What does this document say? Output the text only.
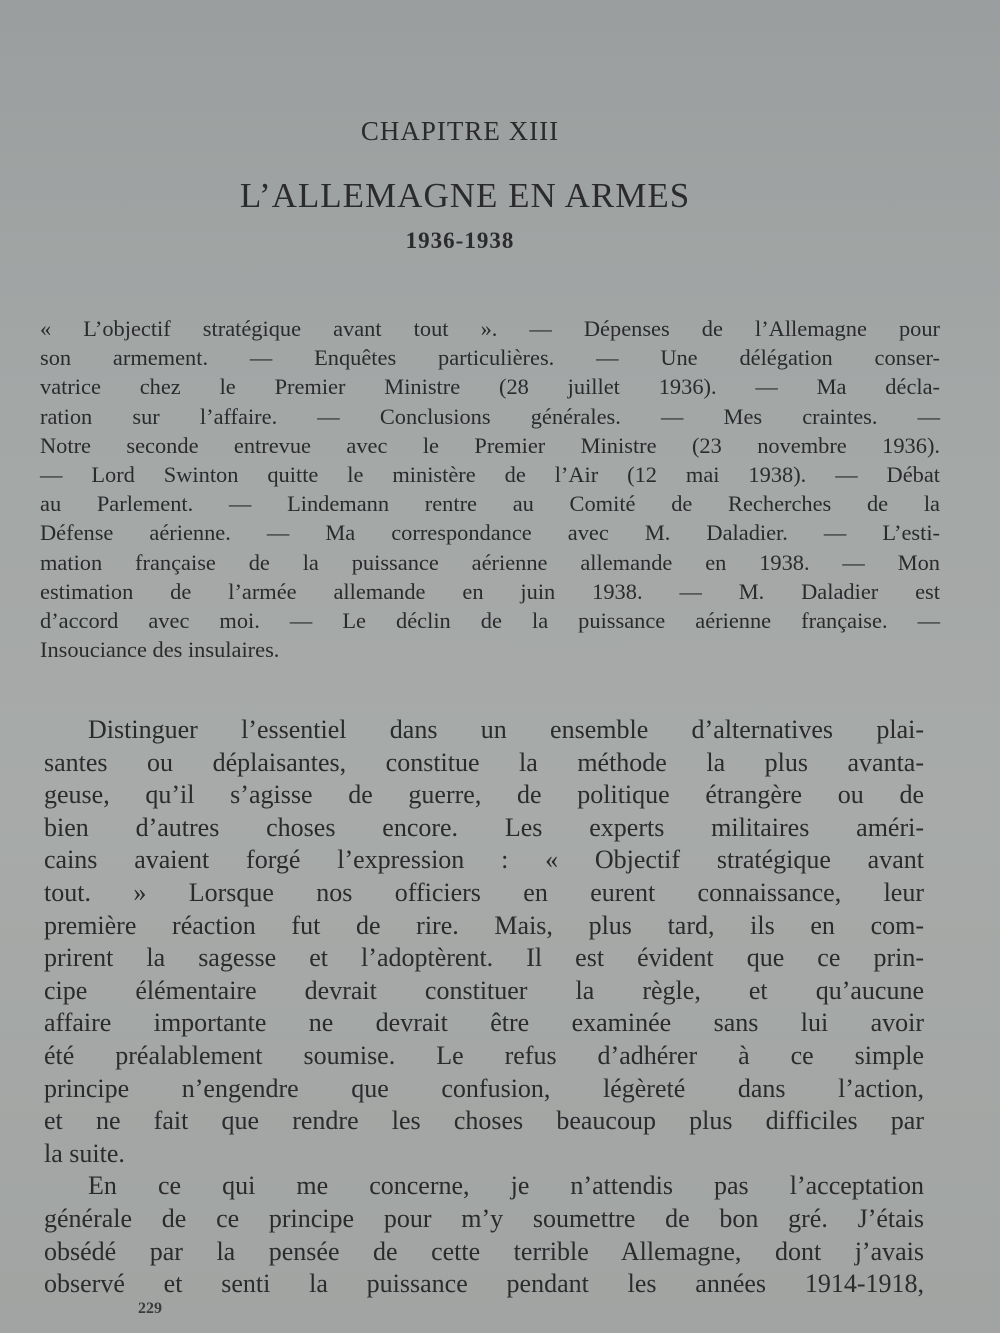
CHAPITRE XIII
L’ALLEMAGNE EN ARMES
1936-1938
« L’objectif stratégique avant tout ». — Dépenses de l’Allemagne pour
son armement. — Enquêtes particulières. — Une délégation conser-
vatrice chez le Premier Ministre (28 juillet 1936). — Ma décla-
ration sur l’affaire. — Conclusions générales. — Mes craintes. —
Notre seconde entrevue avec le Premier Ministre (23 novembre 1936).
— Lord Swinton quitte le ministère de l’Air (12 mai 1938). — Débat
au Parlement. — Lindemann rentre au Comité de Recherches de la
Défense aérienne. — Ma correspondance avec M. Daladier. — L’esti-
mation française de la puissance aérienne allemande en 1938. — Mon
estimation de l’armée allemande en juin 1938. — M. Daladier est
d’accord avec moi. — Le déclin de la puissance aérienne française. —
Insouciance des insulaires.
Distinguer l’essentiel dans un ensemble d’alternatives plai-
santes ou déplaisantes, constitue la méthode la plus avanta-
geuse, qu’il s’agisse de guerre, de politique étrangère ou de
bien d’autres choses encore. Les experts militaires améri-
cains avaient forgé l’expression : « Objectif stratégique avant
tout. » Lorsque nos officiers en eurent connaissance, leur
première réaction fut de rire. Mais, plus tard, ils en com-
prirent la sagesse et l’adoptèrent. Il est évident que ce prin-
cipe élémentaire devrait constituer la règle, et qu’aucune
affaire importante ne devrait être examinée sans lui avoir
été préalablement soumise. Le refus d’adhérer à ce simple
principe n’engendre que confusion, légèreté dans l’action,
et ne fait que rendre les choses beaucoup plus difficiles par
la suite.
En ce qui me concerne, je n’attendis pas l’acceptation
générale de ce principe pour m’y soumettre de bon gré. J’étais
obsédé par la pensée de cette terrible Allemagne, dont j’avais
observé et senti la puissance pendant les années 1914-1918,
229
